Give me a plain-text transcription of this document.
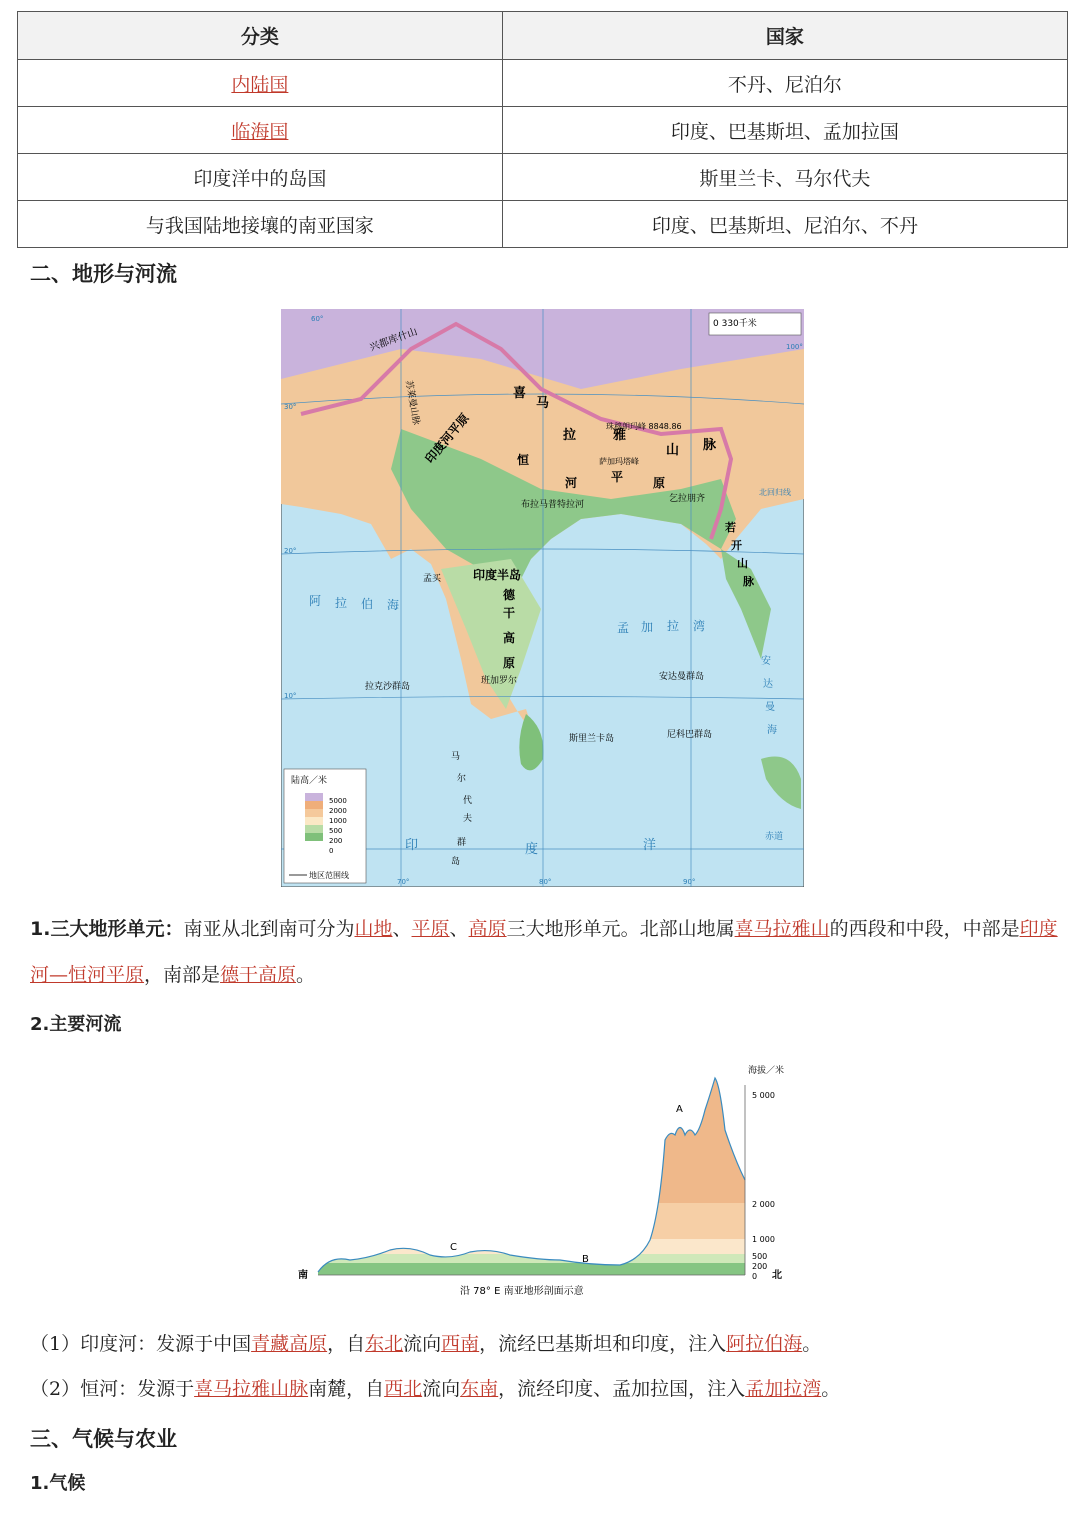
分类	国家
内陆国	不丹、尼泊尔
临海国	印度、巴基斯坦、孟加拉国
印度洋中的岛国	斯里兰卡、马尔代夫
与我国陆地接壤的南亚国家	印度、巴基斯坦、尼泊尔、不丹
二、地形与河流
0 330千米
兴都库什山
苏莱曼山脉	喜
马
拉	雅
山 脉
珠穆朗玛峰 8848.86
萨加玛塔峰
印度河平原	恒
河	平 原
布拉马普特拉河
乞拉朋齐
若
开
山
脉
印度半岛
德
干
高
原
孟买
班加罗尔
阿 拉 伯 海
孟 加 拉 湾
印	度	洋
拉克沙群岛
安达曼群岛
尼科巴群岛
斯里兰卡岛
马
尔
代
夫
群
岛
安
达
曼
海
赤道
北回归线
60°
70°	80°	90°
100°
30°
20°
10°
陆高／米
5000
2000
1000
500
200
0
地区范围线
1.三大地形单元：南亚从北到南可分为山地、平原、高原三大地形单元。北部山地属喜马拉雅山的西段和中段，中部是印度河—恒河平原，南部是德干高原。
2.主要河流
海拔／米
5 000
2 000
1 000
500
200
0
南	北
A
B
C
沿 78° E 南亚地形剖面示意
（1）印度河：发源于中国青藏高原，自东北流向西南，流经巴基斯坦和印度，注入阿拉伯海。
（2）恒河：发源于喜马拉雅山脉南麓，自西北流向东南，流经印度、孟加拉国，注入孟加拉湾。
三、气候与农业
1.气候
